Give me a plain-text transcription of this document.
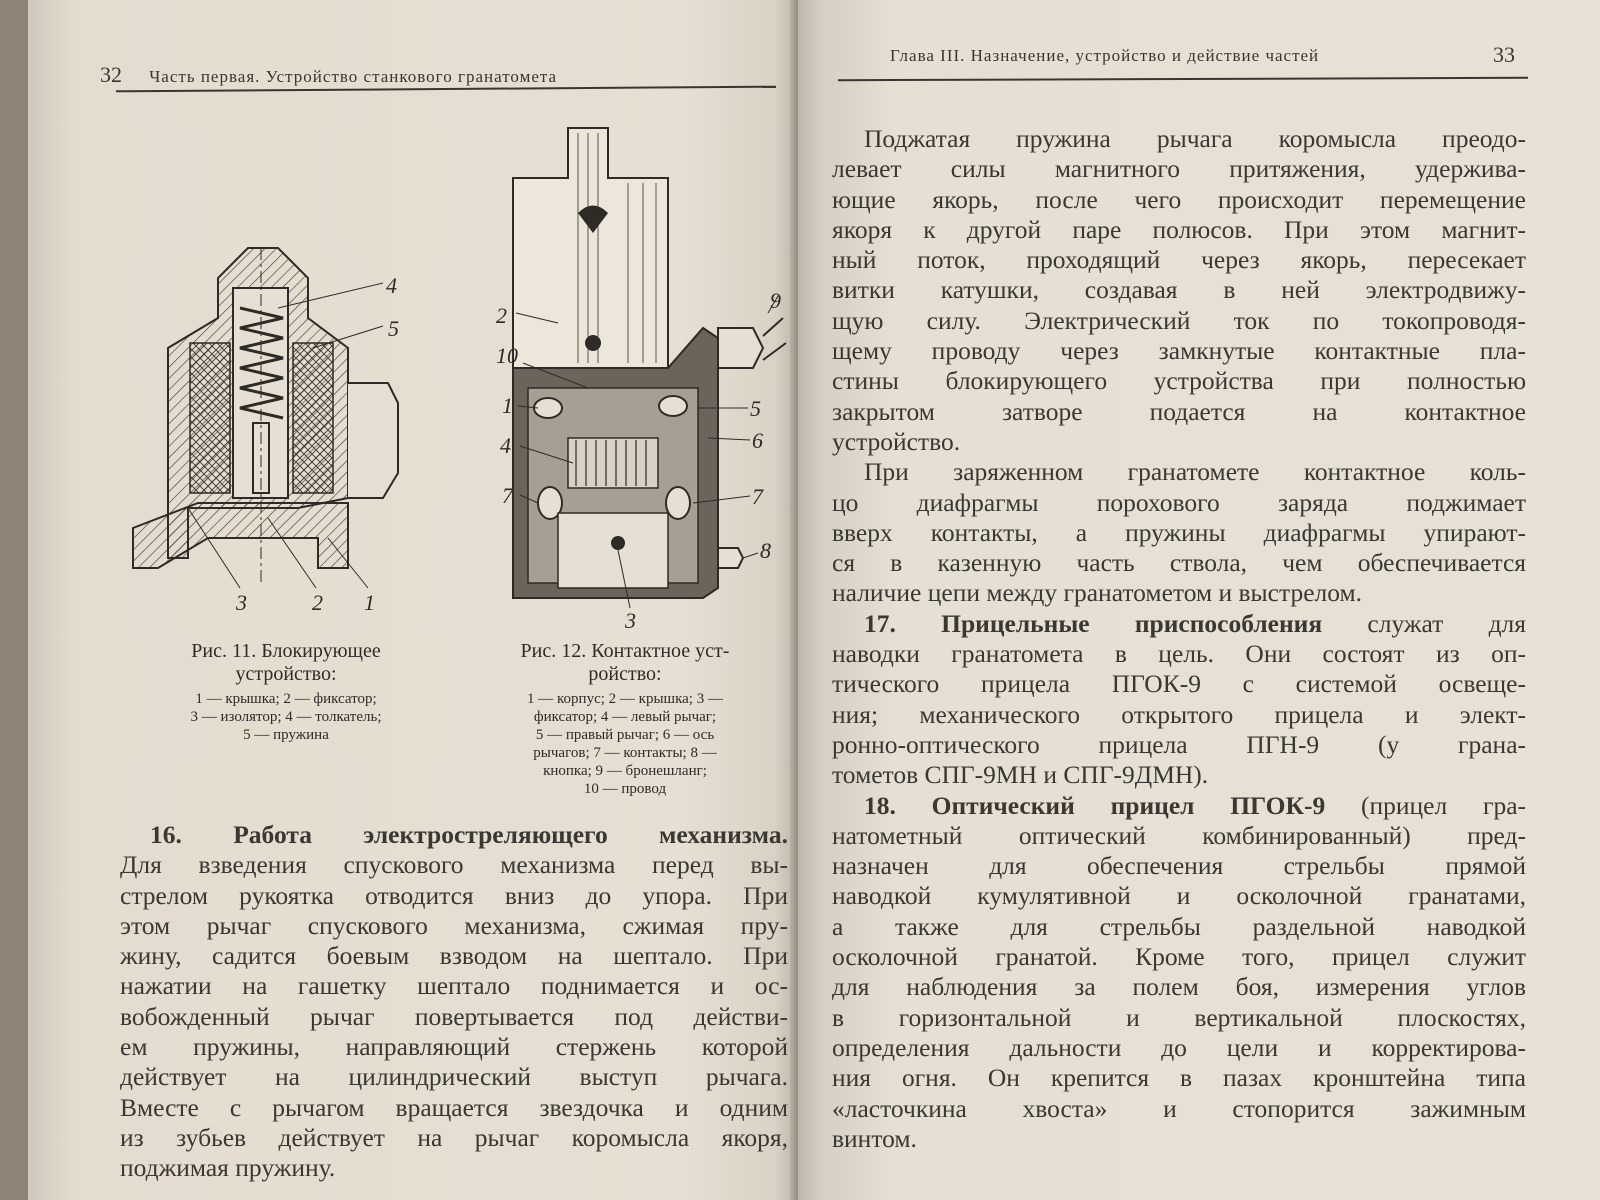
32 Часть первая. Устройство станкового гранатомета
4
5
3	2 1
9
2
10
1	5
4	6
7	7
8
3
Рис. 11. Блокирующее
устройство:
1 — крышка; 2 — фиксатор;
3 — изолятор; 4 — толкатель;
5 — пружина
Рис. 12. Контактное уст-
ройство:
1 — корпус; 2 — крышка; 3 —
фиксатор; 4 — левый рычаг;
5 — правый рычаг; 6 — ось
рычагов; 7 — контакты; 8 —
кнопка; 9 — бронешланг;
10 — провод

16. Работа электростреляющего механизма.

Для взведения спускового механизма перед вы-

стрелом рукоятка отводится вниз до упора. При

этом рычаг спускового механизма, сжимая пру-

жину, садится боевым взводом на шептало. При

нажатии на гашетку шептало поднимается и ос-

вобожденный рычаг повертывается под действи-

ем пружины, направляющий стержень которой

действует на цилиндрический выступ рычага.

Вместе с рычагом вращается звездочка и одним

из зубьев действует на рычаг коромысла якоря,

поджимая пружину.

Глава III. Назначение, устройство и действие частей	33

Поджатая пружина рычага коромысла преодо-

левает силы магнитного притяжения, удержива-

ющие якорь, после чего происходит перемещение

якоря к другой паре полюсов. При этом магнит-

ный поток, проходящий через якорь, пересекает

витки катушки, создавая в ней электродвижу-

щую силу. Электрический ток по токопроводя-

щему проводу через замкнутые контактные пла-

стины блокирующего устройства при полностью

закрытом затворе подается на контактное

устройство.

При заряженном гранатомете контактное коль-

цо диафрагмы порохового заряда поджимает

вверх контакты, а пружины диафрагмы упирают-

ся в казенную часть ствола, чем обеспечивается

наличие цепи между гранатометом и выстрелом.

17. Прицельные приспособления служат для

наводки гранатомета в цель. Они состоят из оп-

тического прицела ПГОК-9 с системой освеще-

ния; механического открытого прицела и элект-

ронно-оптического прицела ПГН-9 (у грана-

тометов СПГ-9МН и СПГ-9ДМН).

18. Оптический прицел ПГОК-9 (прицел гра-

натометный оптический комбинированный) пред-

назначен для обеспечения стрельбы прямой

наводкой кумулятивной и осколочной гранатами,

а также для стрельбы раздельной наводкой

осколочной гранатой. Кроме того, прицел служит

для наблюдения за полем боя, измерения углов

в горизонтальной и вертикальной плоскостях,

определения дальности до цели и корректирова-

ния огня. Он крепится в пазах кронштейна типа

«ласточкина хвоста» и стопорится зажимным

винтом.
